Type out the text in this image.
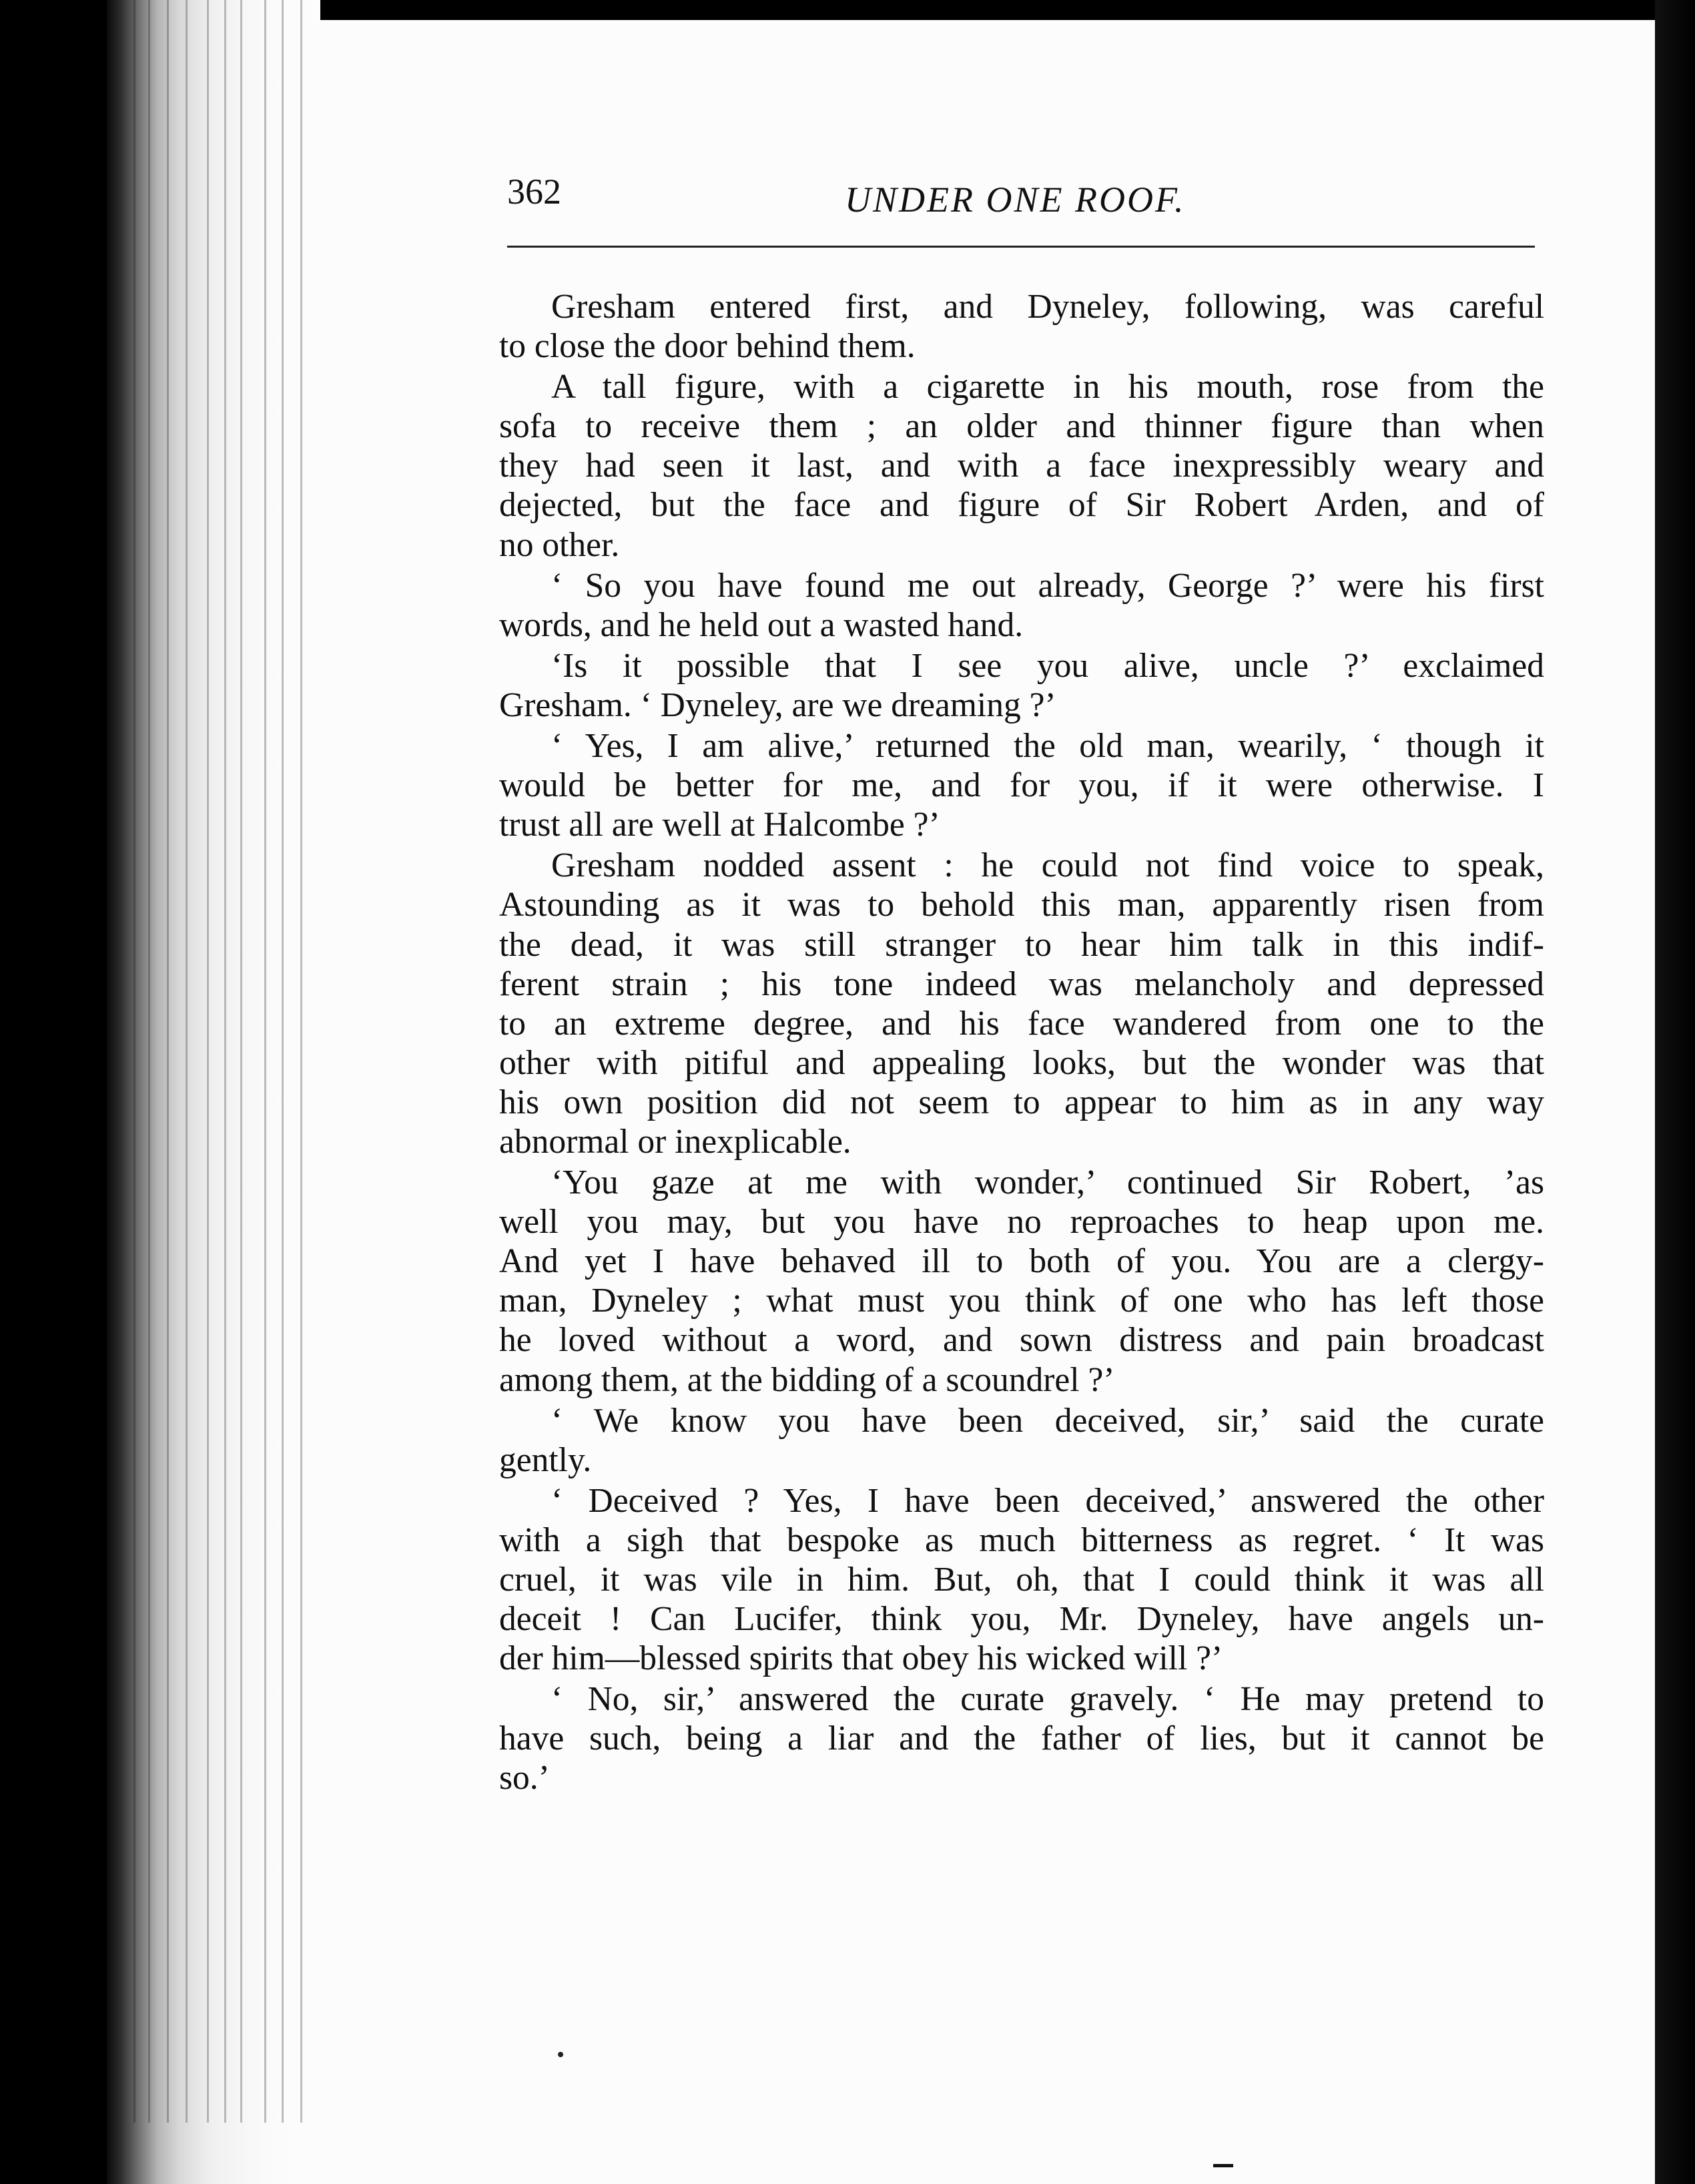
362	UNDER ONE ROOF.
Gresham entered first, and Dyneley, following, was careful
to close the door behind them.
A tall figure, with a cigarette in his mouth, rose from the
sofa to receive them ; an older and thinner figure than when
they had seen it last, and with a face inexpressibly weary and
dejected, but the face and figure of Sir Robert Arden, and of
no other.
‘ So you have found me out already, George ?’ were his first
words, and he held out a wasted hand.
‘Is it possible that I see you alive, uncle ?’ exclaimed
Gresham. ‘ Dyneley, are we dreaming ?’
‘ Yes, I am alive,’ returned the old man, wearily, ‘ though it
would be better for me, and for you, if it were otherwise. I
trust all are well at Halcombe ?’
Gresham nodded assent : he could not find voice to speak,
Astounding as it was to behold this man, apparently risen from
the dead, it was still stranger to hear him talk in this indif-
ferent strain ; his tone indeed was melancholy and depressed
to an extreme degree, and his face wandered from one to the
other with pitiful and appealing looks, but the wonder was that
his own position did not seem to appear to him as in any way
abnormal or inexplicable.
‘You gaze at me with wonder,’ continued Sir Robert, ’as
well you may, but you have no reproaches to heap upon me.
And yet I have behaved ill to both of you. You are a clergy-
man, Dyneley ; what must you think of one who has left those
he loved without a word, and sown distress and pain broadcast
among them, at the bidding of a scoundrel ?’
‘ We know you have been deceived, sir,’ said the curate
gently.
‘ Deceived ? Yes, I have been deceived,’ answered the other
with a sigh that bespoke as much bitterness as regret. ‘ It was
cruel, it was vile in him. But, oh, that I could think it was all
deceit ! Can Lucifer, think you, Mr. Dyneley, have angels un-
der him—blessed spirits that obey his wicked will ?’
‘ No, sir,’ answered the curate gravely. ‘ He may pretend to
have such, being a liar and the father of lies, but it cannot be
so.’
